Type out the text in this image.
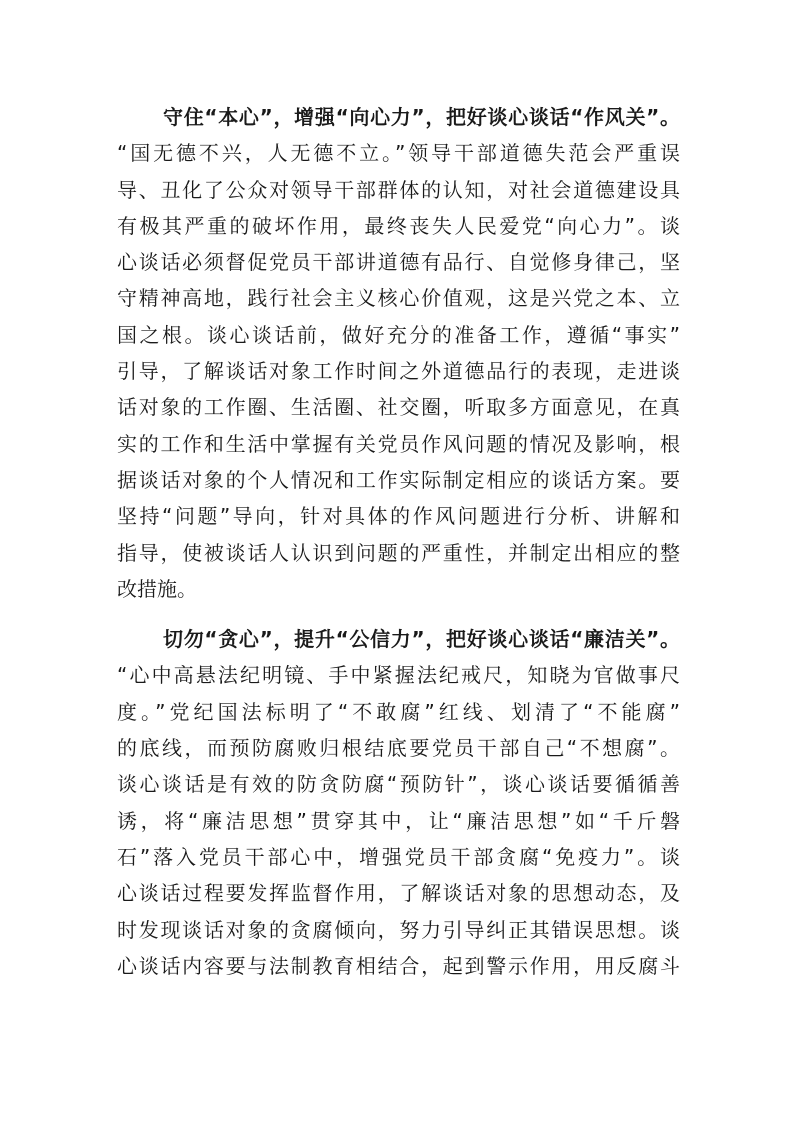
守住“本心”，增强“向心力”，把好谈心谈话“作风关”。
“国无德不兴，人无德不立。”领导干部道德失范会严重误
导、丑化了公众对领导干部群体的认知，对社会道德建设具
有极其严重的破坏作用，最终丧失人民爱党“向心力”。谈
心谈话必须督促党员干部讲道德有品行、自觉修身律己，坚
守精神高地，践行社会主义核心价值观，这是兴党之本、立
国之根。谈心谈话前，做好充分的准备工作，遵循“事实”
引导，了解谈话对象工作时间之外道德品行的表现，走进谈
话对象的工作圈、生活圈、社交圈，听取多方面意见，在真
实的工作和生活中掌握有关党员作风问题的情况及影响，根
据谈话对象的个人情况和工作实际制定相应的谈话方案。要
坚持“问题”导向，针对具体的作风问题进行分析、讲解和
指导，使被谈话人认识到问题的严重性，并制定出相应的整
改措施。
切勿“贪心”，提升“公信力”，把好谈心谈话“廉洁关”。
“心中高悬法纪明镜、手中紧握法纪戒尺，知晓为官做事尺
度。”党纪国法标明了“不敢腐”红线、划清了“不能腐”
的底线，而预防腐败归根结底要党员干部自己“不想腐”。
谈心谈话是有效的防贪防腐“预防针”，谈心谈话要循循善
诱，将“廉洁思想”贯穿其中，让“廉洁思想”如“千斤磐
石”落入党员干部心中，增强党员干部贪腐“免疫力”。谈
心谈话过程要发挥监督作用，了解谈话对象的思想动态，及
时发现谈话对象的贪腐倾向，努力引导纠正其错误思想。谈
心谈话内容要与法制教育相结合，起到警示作用，用反腐斗
